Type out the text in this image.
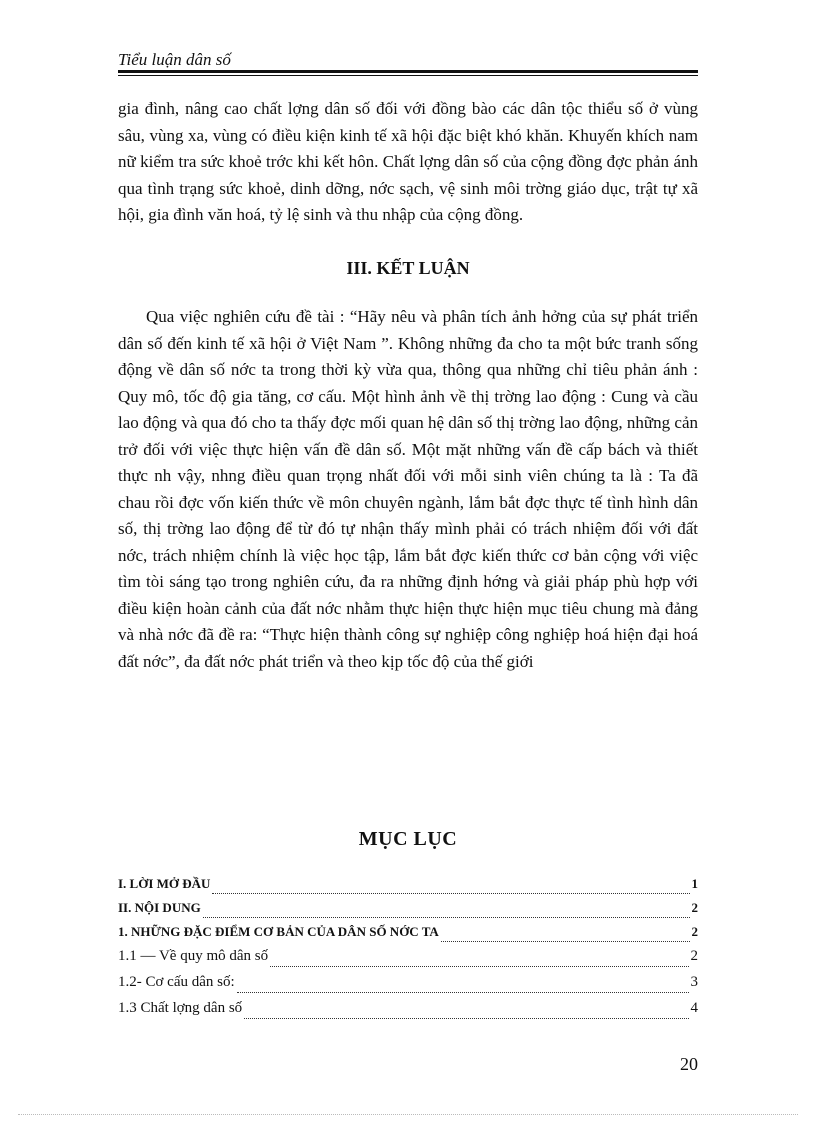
Tiểu luận dân số
gia đình, nâng cao chất lợng dân số đối với đồng bào các dân tộc thiểu số ở vùng sâu, vùng xa, vùng có điều kiện kinh tế xã hội đặc biệt khó khăn. Khuyến khích nam nữ kiểm tra sức khoẻ trớc khi kết hôn. Chất lợng dân số của cộng đồng đợc phản ánh qua tình trạng sức khoẻ, dinh dỡng, nớc sạch, vệ sinh môi trờng giáo dục, trật tự xã hội, gia đình văn hoá, tỷ lệ sinh và thu nhập của cộng đồng.
III. KẾT LUẬN
Qua việc nghiên cứu đề tài : “Hãy nêu và phân tích ảnh hởng của sự phát triển dân số đến kinh tế xã hội ở Việt Nam ”. Không những đa cho ta một bức tranh sống động về dân số nớc ta trong thời kỳ vừa qua, thông qua những chỉ tiêu phản ánh : Quy mô, tốc độ gia tăng, cơ cấu. Một hình ảnh về thị trờng lao động : Cung và cầu lao động và qua đó cho ta thấy đợc mối quan hệ dân số thị trờng lao động, những cản trở đối với việc thực hiện vấn đề dân số. Một mặt những vấn đề cấp bách và thiết thực nh vậy, nhng điều quan trọng nhất đối với mỗi sinh viên chúng ta là : Ta đã chau rồi đợc vốn kiến thức về môn chuyên ngành, lắm bắt đợc thực tế tình hình dân số, thị trờng lao động để từ đó tự nhận thấy mình phải có trách nhiệm đối với đất nớc, trách nhiệm chính là việc học tập, lắm bắt đợc kiến thức cơ bản cộng với việc tìm tòi sáng tạo trong nghiên cứu, đa ra những định hớng và giải pháp phù hợp với điều kiện hoàn cảnh của đất nớc nhằm thực hiện thực hiện mục tiêu chung mà đảng và nhà nớc đã đề ra: “Thực hiện thành công sự nghiệp công nghiệp hoá hiện đại hoá đất nớc”, đa đất nớc phát triển và theo kịp tốc độ của thế giới
MỤC LỤC
I. LỜI MỞ ĐẦU	1
II. NỘI DUNG	2
1. NHỮNG ĐẶC ĐIỂM CƠ BẢN CỦA DÂN SỐ NỚC TA	2
1.1 — Về quy mô dân số	2
1.2- Cơ cấu dân số:	3
1.3 Chất lợng dân số	4
20
